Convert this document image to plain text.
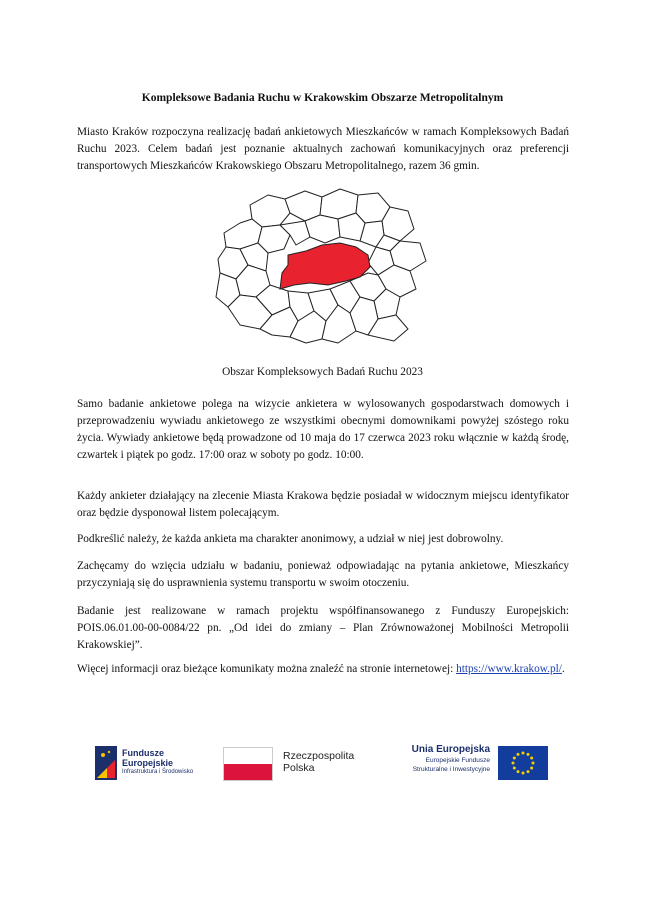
Kompleksowe Badania Ruchu w Krakowskim Obszarze Metropolitalnym

Miasto Kraków rozpoczyna realizację badań ankietowych Mieszkańców w ramach Kompleksowych Badań Ruchu 2023. Celem badań jest poznanie aktualnych zachowań komunikacyjnych oraz preferencji transportowych Mieszkańców Krakowskiego Obszaru Metropolitalnego, razem 36 gmin.

Obszar Kompleksowych Badań Ruchu 2023

Samo badanie ankietowe polega na wizycie ankietera w wylosowanych gospodarstwach domowych i przeprowadzeniu wywiadu ankietowego ze wszystkimi obecnymi domownikami powyżej szóstego roku życia. Wywiady ankietowe będą prowadzone od 10 maja do 17 czerwca 2023 roku włącznie w każdą środę, czwartek i piątek po godz. 17:00 oraz w soboty po godz. 10:00.

Każdy ankieter działający na zlecenie Miasta Krakowa będzie posiadał w widocznym miejscu identyfikator oraz będzie dysponował listem polecającym.

Podkreślić należy, że każda ankieta ma charakter anonimowy, a udział w niej jest dobrowolny.

Zachęcamy do wzięcia udziału w badaniu, ponieważ odpowiadając na pytania ankietowe, Mieszkańcy przyczyniają się do usprawnienia systemu transportu w swoim otoczeniu.

Badanie jest realizowane w ramach projektu współfinansowanego z Funduszy Europejskich: POIS.06.01.00-00-0084/22 pn. „Od idei do zmiany – Plan Zrównoważonej Mobilności Metropolii Krakowskiej”.

Więcej informacji oraz bieżące komunikaty można znaleźć na stronie internetowej: https://www.krakow.pl/.

Fundusze
Europejskie
Infrastruktura i Środowisko
Rzeczpospolita
Polska
Unia Europejska
Europejskie Fundusze
Strukturalne i Inwestycyjne
